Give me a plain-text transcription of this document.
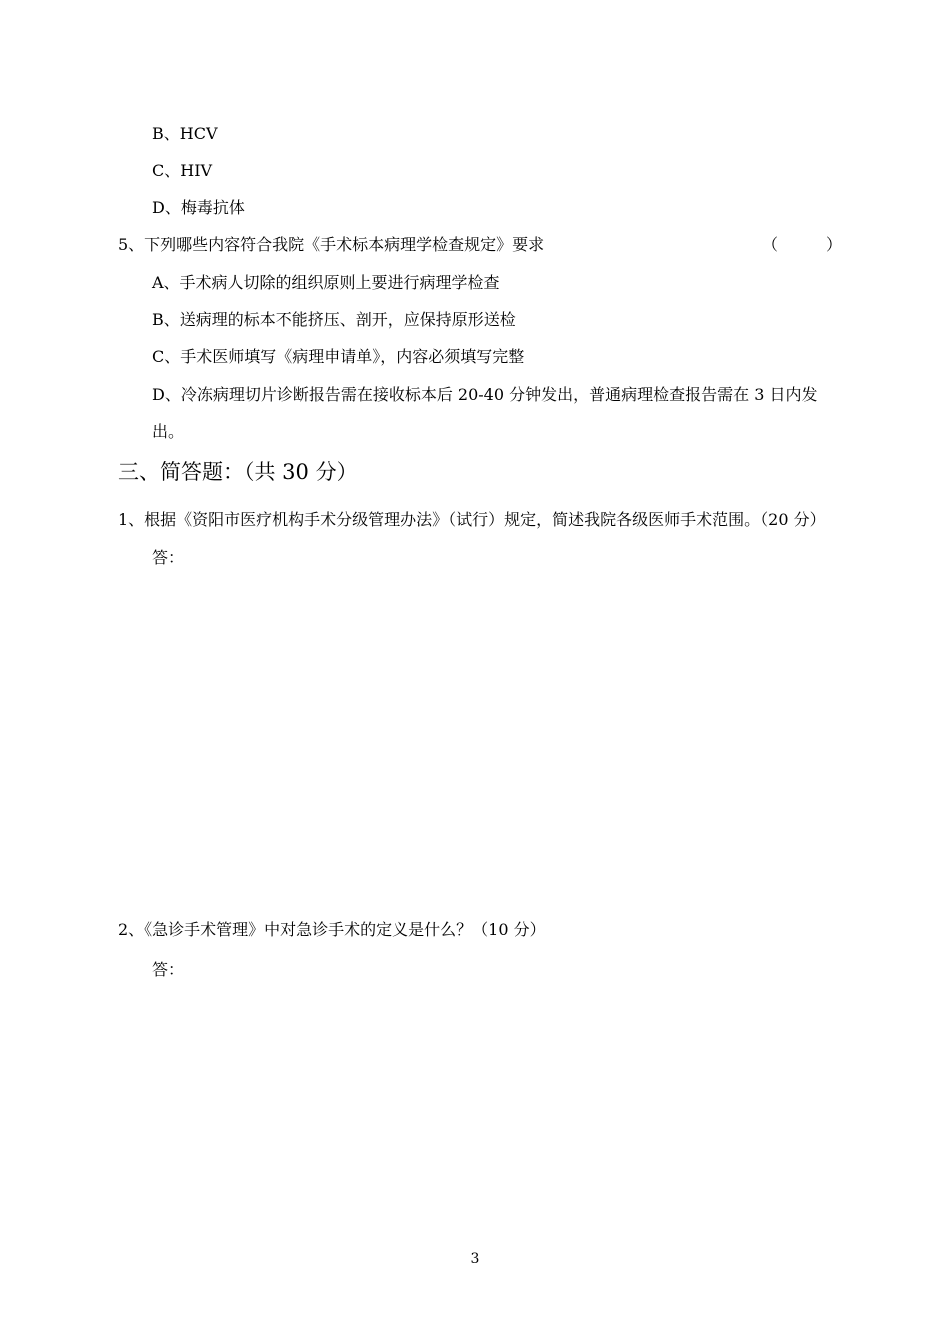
B、HCV
C、HIV
D、梅毒抗体
5、下列哪些内容符合我院《手术标本病理学检查规定》要求	（　　　）
A、手术病人切除的组织原则上要进行病理学检查
B、送病理的标本不能挤压、剖开，应保持原形送检
C、手术医师填写《病理申请单》，内容必须填写完整
D、冷冻病理切片诊断报告需在接收标本后 20-40 分钟发出，普通病理检查报告需在 3 日内发
出。
三、简答题：（共 30 分）
1、根据《资阳市医疗机构手术分级管理办法》（试行）规定，简述我院各级医师手术范围。（20 分）
答：
2、《急诊手术管理》中对急诊手术的定义是什么？（10 分）
答：
3
